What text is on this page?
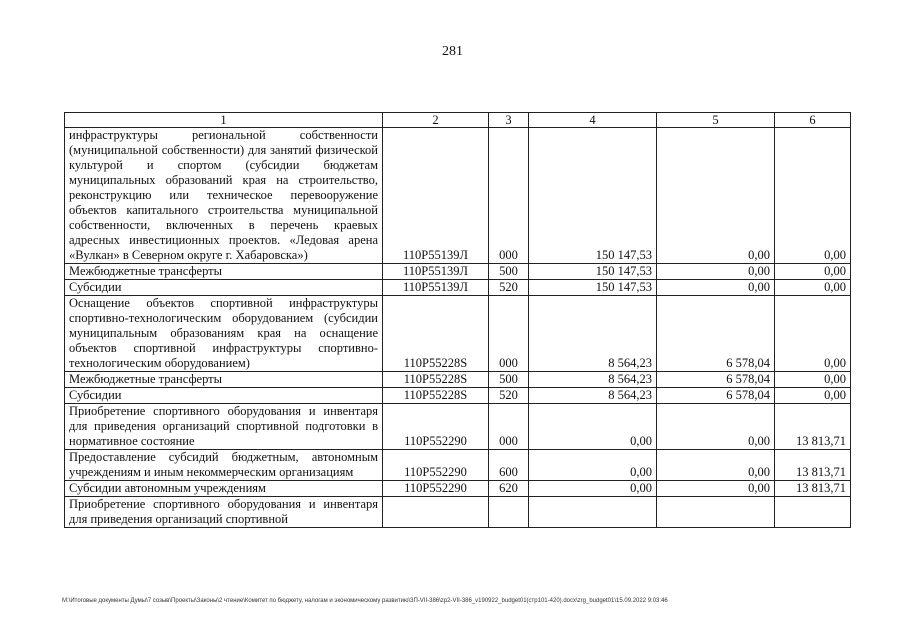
281
1	2	3	4	5	6
инфраструктуры региональной собственности (муниципальной собственности) для занятий физической культурой и спортом (субсидии бюджетам муниципальных образований края на строительство, реконструкцию или техническое перевооружение объектов капитального строительства муниципальной собственности, включенных в перечень краевых адресных инвестиционных проектов. «Ледовая арена «Вулкан» в Северном округе г. Хабаровска»)	110Р55139Л	000	150 147,53	0,00	0,00
Межбюджетные трансферты	110Р55139Л	500	150 147,53	0,00	0,00
Субсидии	110Р55139Л	520	150 147,53	0,00	0,00
Оснащение объектов спортивной инфраструктуры спортивно-технологическим оборудованием (субсидии муниципальным образованиям края на оснащение объектов спортивной инфраструктуры спортивно-технологическим оборудованием)	110Р55228S	000	8 564,23	6 578,04	0,00
Межбюджетные трансферты	110Р55228S	500	8 564,23	6 578,04	0,00
Субсидии	110Р55228S	520	8 564,23	6 578,04	0,00
Приобретение спортивного оборудования и инвентаря для приведения организаций спортивной подготовки в нормативное состояние	110Р552290	000	0,00	0,00	13 813,71
Предоставление субсидий бюджетным, автономным учреждениям и иным некоммерческим организациям	110Р552290	600	0,00	0,00	13 813,71
Субсидии автономным учреждениям	110Р552290	620	0,00	0,00	13 813,71
Приобретение спортивного оборудования и инвентаря для приведения организаций спортивной					
M:\Итоговые документы Думы\7 созыв\Проекты\Законы\2 чтение\Комитет по бюджету, налогам и экономическому развитию\3П-VII-386\zp2-VII-386_v190922_budget01(стр101-420).docx\zrg_budget01\15.09.2022 9:03:46
